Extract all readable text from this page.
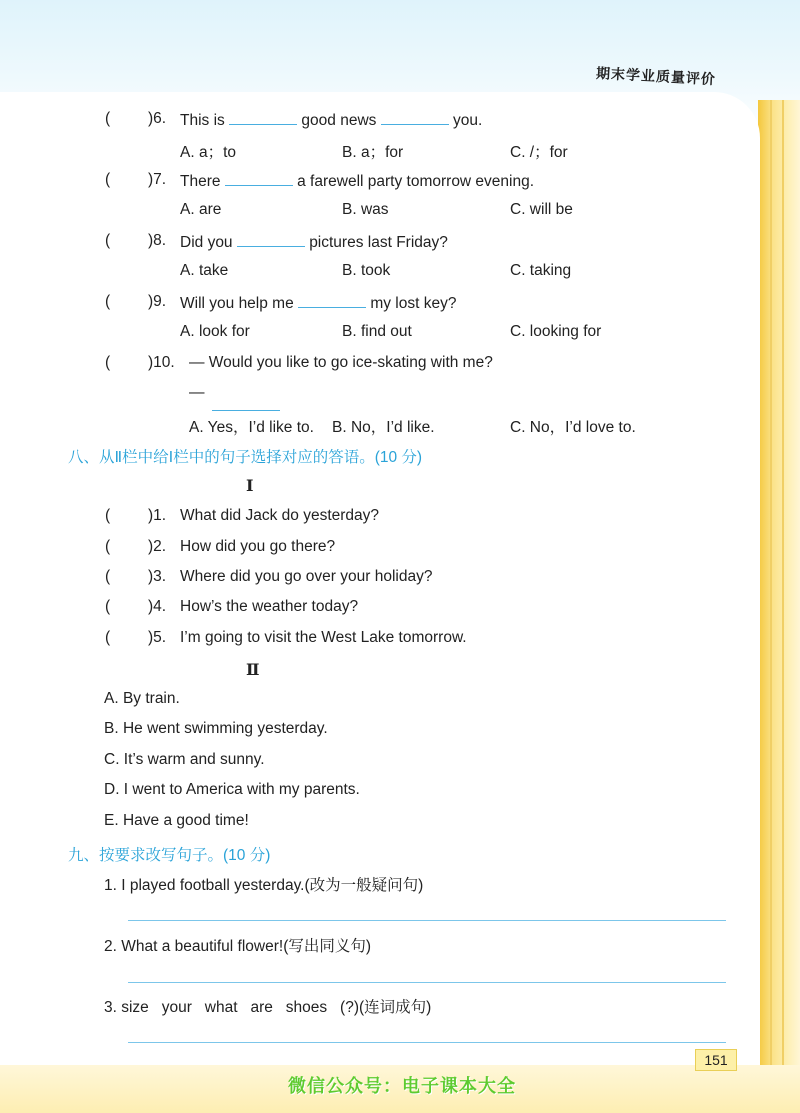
期末学业质量评价
( )6. This is	good news	you.
A. a；to	B. a；for	C. /；for
( )7. There	a farewell party tomorrow evening.
A. are	B. was	C. will be
( )8. Did you	pictures last Friday?
A. take	B. took	C. taking
( )9. Will you help me	my lost key?
A. look for	B. find out	C. looking for
( )10. — Would you like to go ice-skating with me?
—
A. Yes，I’d like to. B. No，I’d like.	C. No，I’d love to.
八、从Ⅱ栏中给Ⅰ栏中的句子选择对应的答语。(10 分)
Ⅰ
( )1. What did Jack do yesterday?
( )2. How did you go there?
( )3. Where did you go over your holiday?
( )4. How’s the weather today?
( )5. I’m going to visit the West Lake tomorrow.
Ⅱ
A. By train.
B. He went swimming yesterday.
C. It’s warm and sunny.
D. I went to America with my parents.
E. Have a good time!
九、按要求改写句子。(10 分)
1. I played football yesterday.(改为一般疑问句)
2. What a beautiful flower!(写出同义句)
3. size   your   what   are   shoes   (?)(连词成句)
151
微信公众号：电子课本大全
